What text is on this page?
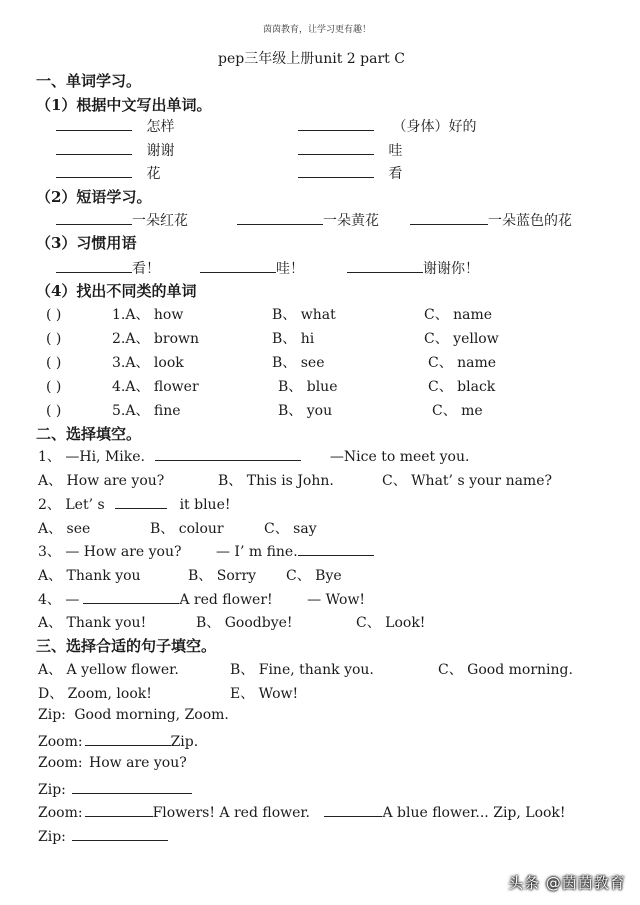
茵茵教育，让学习更有趣！
pep三年级上册unit 2 part C
一、单词学习。
（1）根据中文写出单词。
怎样	（身体）好的
谢谢	哇
花	看
（2）短语学习。
一朵红花	一朵黄花	一朵蓝色的花
（3）习惯用语
看！	哇！	谢谢你！
（4）找出不同类的单词
( )	1.A、 how	B、 what	C、 name
( )	2.A、 brown	B、 hi	C、 yellow
( )	3.A、 look	B、 see	C、 name
( )	4.A、 flower	B、 blue	C、 black
( )	5.A、 fine	B、 you	C、 me
二、选择填空。
1、 —Hi, Mike.	—Nice to meet you.
A、 How are you?	B、 This is John.	C、 What’ s your name?
2、 Let’ s	it blue!
A、 see	B、 colour	C、 say
3、 — How are you? — I’ m fine.
A、 Thank you	B、 Sorry C、 Bye
4、 —	A red flower! — Wow!
A、 Thank you!	B、 Goodbye!	C、 Look!
三、选择合适的句子填空。
A、 A yellow flower.	B、 Fine, thank you.	C、 Good morning.
D、 Zoom, look!	E、 Wow!
Zip: Good morning, Zoom.
Zoom:	Zip.
Zoom: How are you?
Zip:
Zoom:	Flowers! A red flower.	A blue flower... Zip, Look!
Zip:
头条 @茵茵教育
